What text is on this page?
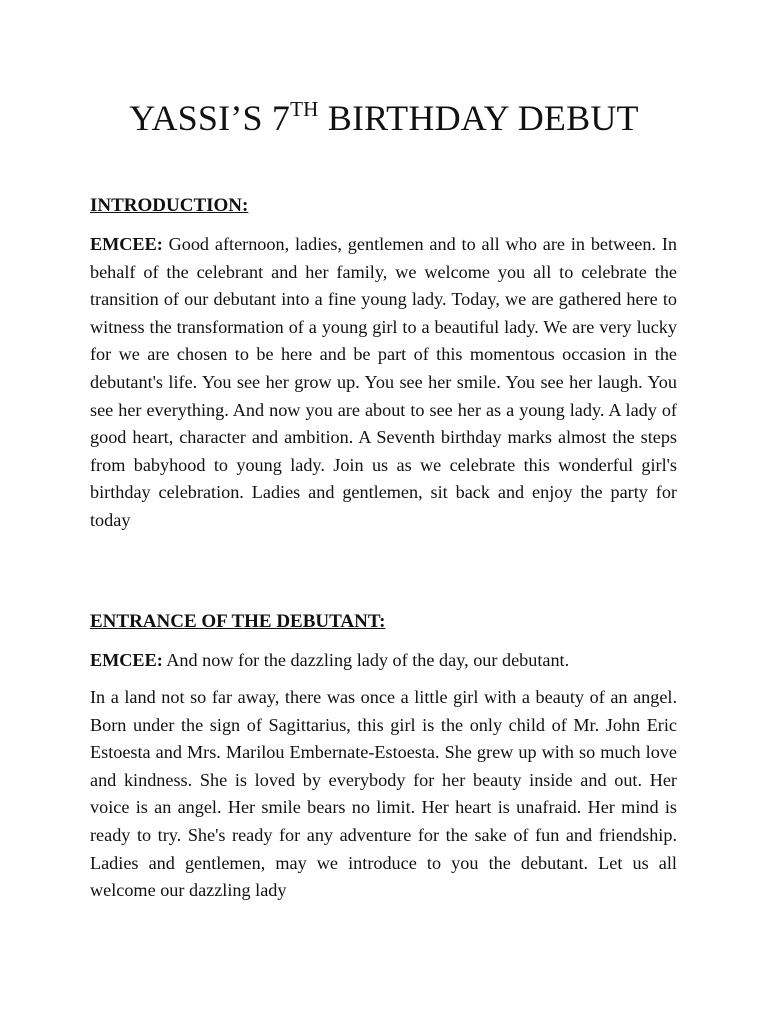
YASSI’S 7TH BIRTHDAY DEBUT
INTRODUCTION:

EMCEE: Good afternoon, ladies, gentlemen and to all who are in between. In behalf of the celebrant and her family, we welcome you all to celebrate the transition of our debutant into a fine young lady. Today, we are gathered here to witness the transformation of a young girl to a beautiful lady. We are very lucky for we are chosen to be here and be part of this momentous occasion in the debutant's life. You see her grow up. You see her smile. You see her laugh. You see her everything. And now you are about to see her as a young lady. A lady of good heart, character and ambition. A Seventh birthday marks almost the steps from babyhood to young lady. Join us as we celebrate this wonderful girl's birthday celebration. Ladies and gentlemen, sit back and enjoy the party for today

ENTRANCE OF THE DEBUTANT:

EMCEE: And now for the dazzling lady of the day, our debutant.

In a land not so far away, there was once a little girl with a beauty of an angel. Born under the sign of Sagittarius, this girl is the only child of Mr. John Eric Estoesta and Mrs. Marilou Embernate-Estoesta. She grew up with so much love and kindness. She is loved by everybody for her beauty inside and out. Her voice is an angel. Her smile bears no limit. Her heart is unafraid. Her mind is ready to try. She's ready for any adventure for the sake of fun and friendship. Ladies and gentlemen, may we introduce to you the debutant. Let us all welcome our dazzling lady
